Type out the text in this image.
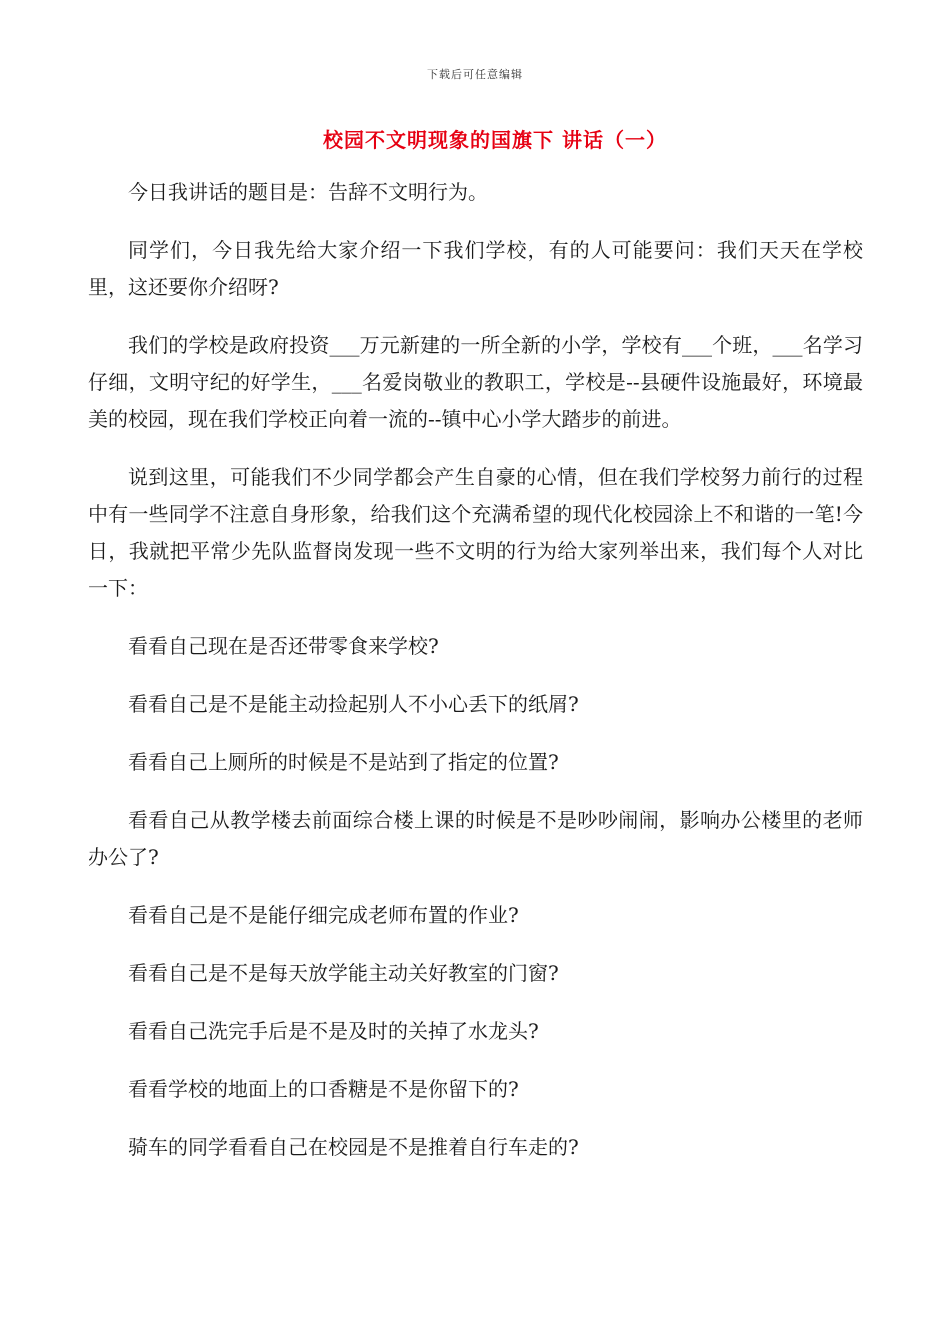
下载后可任意编辑
校园不文明现象的国旗下 讲话（一）

今日我讲话的题目是：告辞不文明行为。

同学们，今日我先给大家介绍一下我们学校，有的人可能要问：我们天天在学校里，这还要你介绍呀?

我们的学校是政府投资___万元新建的一所全新的小学，学校有___个班，___名学习仔细，文明守纪的好学生，___名爱岗敬业的教职工，学校是--县硬件设施最好，环境最美的校园，现在我们学校正向着一流的--镇中心小学大踏步的前进。

说到这里，可能我们不少同学都会产生自豪的心情，但在我们学校努力前行的过程中有一些同学不注意自身形象，给我们这个充满希望的现代化校园涂上不和谐的一笔!今日，我就把平常少先队监督岗发现一些不文明的行为给大家列举出来，我们每个人对比一下：

看看自己现在是否还带零食来学校?

看看自己是不是能主动捡起别人不小心丢下的纸屑?

看看自己上厕所的时候是不是站到了指定的位置?

看看自己从教学楼去前面综合楼上课的时候是不是吵吵闹闹，影响办公楼里的老师办公了?

看看自己是不是能仔细完成老师布置的作业?

看看自己是不是每天放学能主动关好教室的门窗?

看看自己洗完手后是不是及时的关掉了水龙头?

看看学校的地面上的口香糖是不是你留下的?

骑车的同学看看自己在校园是不是推着自行车走的?
